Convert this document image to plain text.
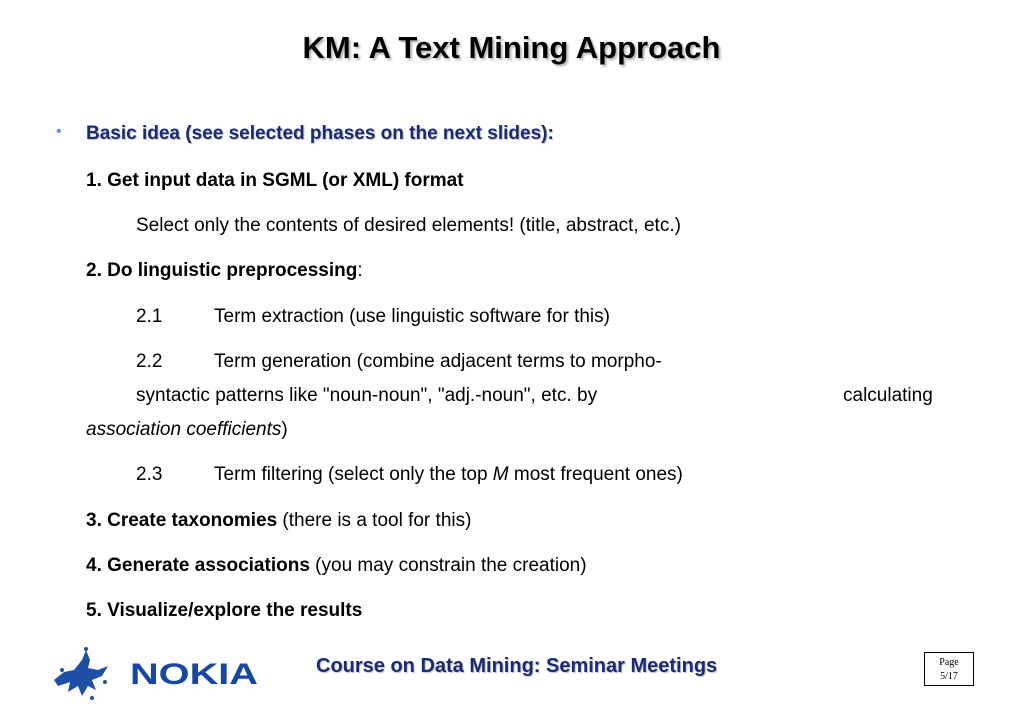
KM: A Text Mining Approach
• Basic idea (see selected phases on the next slides):
1. Get input data in SGML (or XML) format
Select only the contents of desired elements! (title, abstract, etc.)
2. Do linguistic preprocessing:
2.1	Term extraction (use linguistic software for this)
2.2	Term generation (combine adjacent terms to morpho-
syntactic patterns like "noun-noun", "adj.-noun", etc. by	calculating
association coefficients)
2.3	Term filtering (select only the top M most frequent ones)
3. Create taxonomies (there is a tool for this)
4. Generate associations (you may constrain the creation)
5. Visualize/explore the results
NOKIA	Course on Data Mining: Seminar Meetings	Page
5/17
